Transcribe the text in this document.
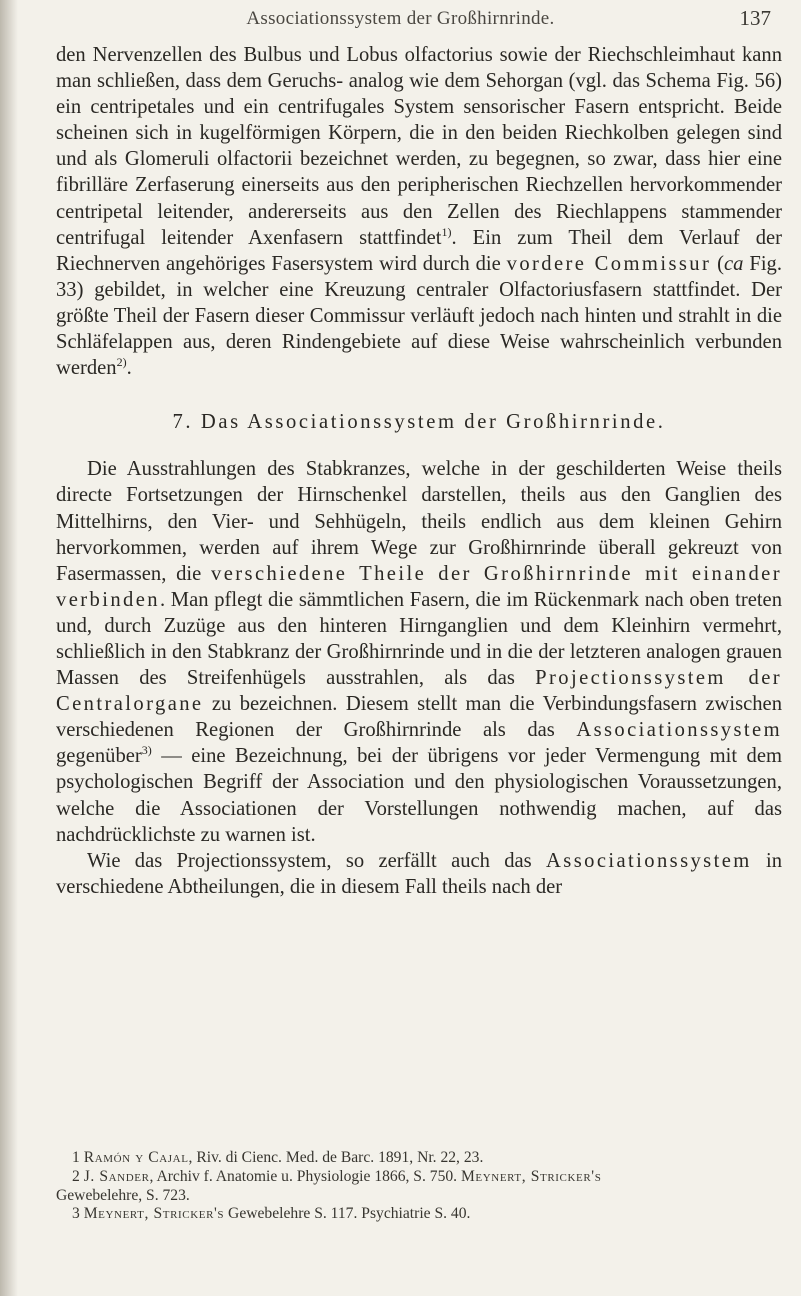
Associationssystem der Großhirnrinde.	137

den Nervenzellen des Bulbus und Lobus olfactorius sowie der Riechschleimhaut kann man schließen, dass dem Geruchs- analog wie dem Sehorgan (vgl. das Schema Fig. 56) ein centripetales und ein centrifugales System sensorischer Fasern entspricht. Beide scheinen sich in kugelförmigen Körpern, die in den beiden Riechkolben gelegen sind und als Glomeruli olfactorii bezeichnet werden, zu begegnen, so zwar, dass hier eine fibrilläre Zerfaserung einerseits aus den peripherischen Riechzellen hervorkommender centripetal leitender, andererseits aus den Zellen des Riechlappens stammender centrifugal leitender Axenfasern stattfindet$^{1)}$. Ein zum Theil dem Verlauf der Riechnerven angehöriges Fasersystem wird durch die vordere Commissur (ca Fig. 33) gebildet, in welcher eine Kreuzung centraler Olfactoriusfasern stattfindet. Der größte Theil der Fasern dieser Commissur verläuft jedoch nach hinten und strahlt in die Schläfelappen aus, deren Rindengebiete auf diese Weise wahrscheinlich verbunden werden$^{2)}$.

7. Das Associationssystem der Großhirnrinde.

Die Ausstrahlungen des Stabkranzes, welche in der geschilderten Weise theils directe Fortsetzungen der Hirnschenkel darstellen, theils aus den Ganglien des Mittelhirns, den Vier- und Sehhügeln, theils endlich aus dem kleinen Gehirn hervorkommen, werden auf ihrem Wege zur Großhirnrinde überall gekreuzt von Fasermassen, die verschiedene Theile der Großhirnrinde mit einander verbinden. Man pflegt die sämmtlichen Fasern, die im Rückenmark nach oben treten und, durch Zuzüge aus den hinteren Hirnganglien und dem Kleinhirn vermehrt, schließlich in den Stabkranz der Großhirnrinde und in die der letzteren analogen grauen Massen des Streifenhügels ausstrahlen, als das Projectionssystem der Centralorgane zu bezeichnen. Diesem stellt man die Verbindungsfasern zwischen verschiedenen Regionen der Großhirnrinde als das Associationssystem gegenüber$^{3)}$ — eine Bezeichnung, bei der übrigens vor jeder Vermengung mit dem psychologischen Begriff der Association und den physiologischen Voraussetzungen, welche die Associationen der Vorstellungen nothwendig machen, auf das nachdrücklichste zu warnen ist.

Wie das Projectionssystem, so zerfällt auch das Associationssystem in verschiedene Abtheilungen, die in diesem Fall theils nach der

1 Ramón y Cajal, Riv. di Cienc. Med. de Barc. 1891, Nr. 22, 23.

2 J. Sander, Archiv f. Anatomie u. Physiologie 1866, S. 750. Meynert, Stricker's

Gewebelehre, S. 723.

3 Meynert, Stricker's Gewebelehre S. 117. Psychiatrie S. 40.
